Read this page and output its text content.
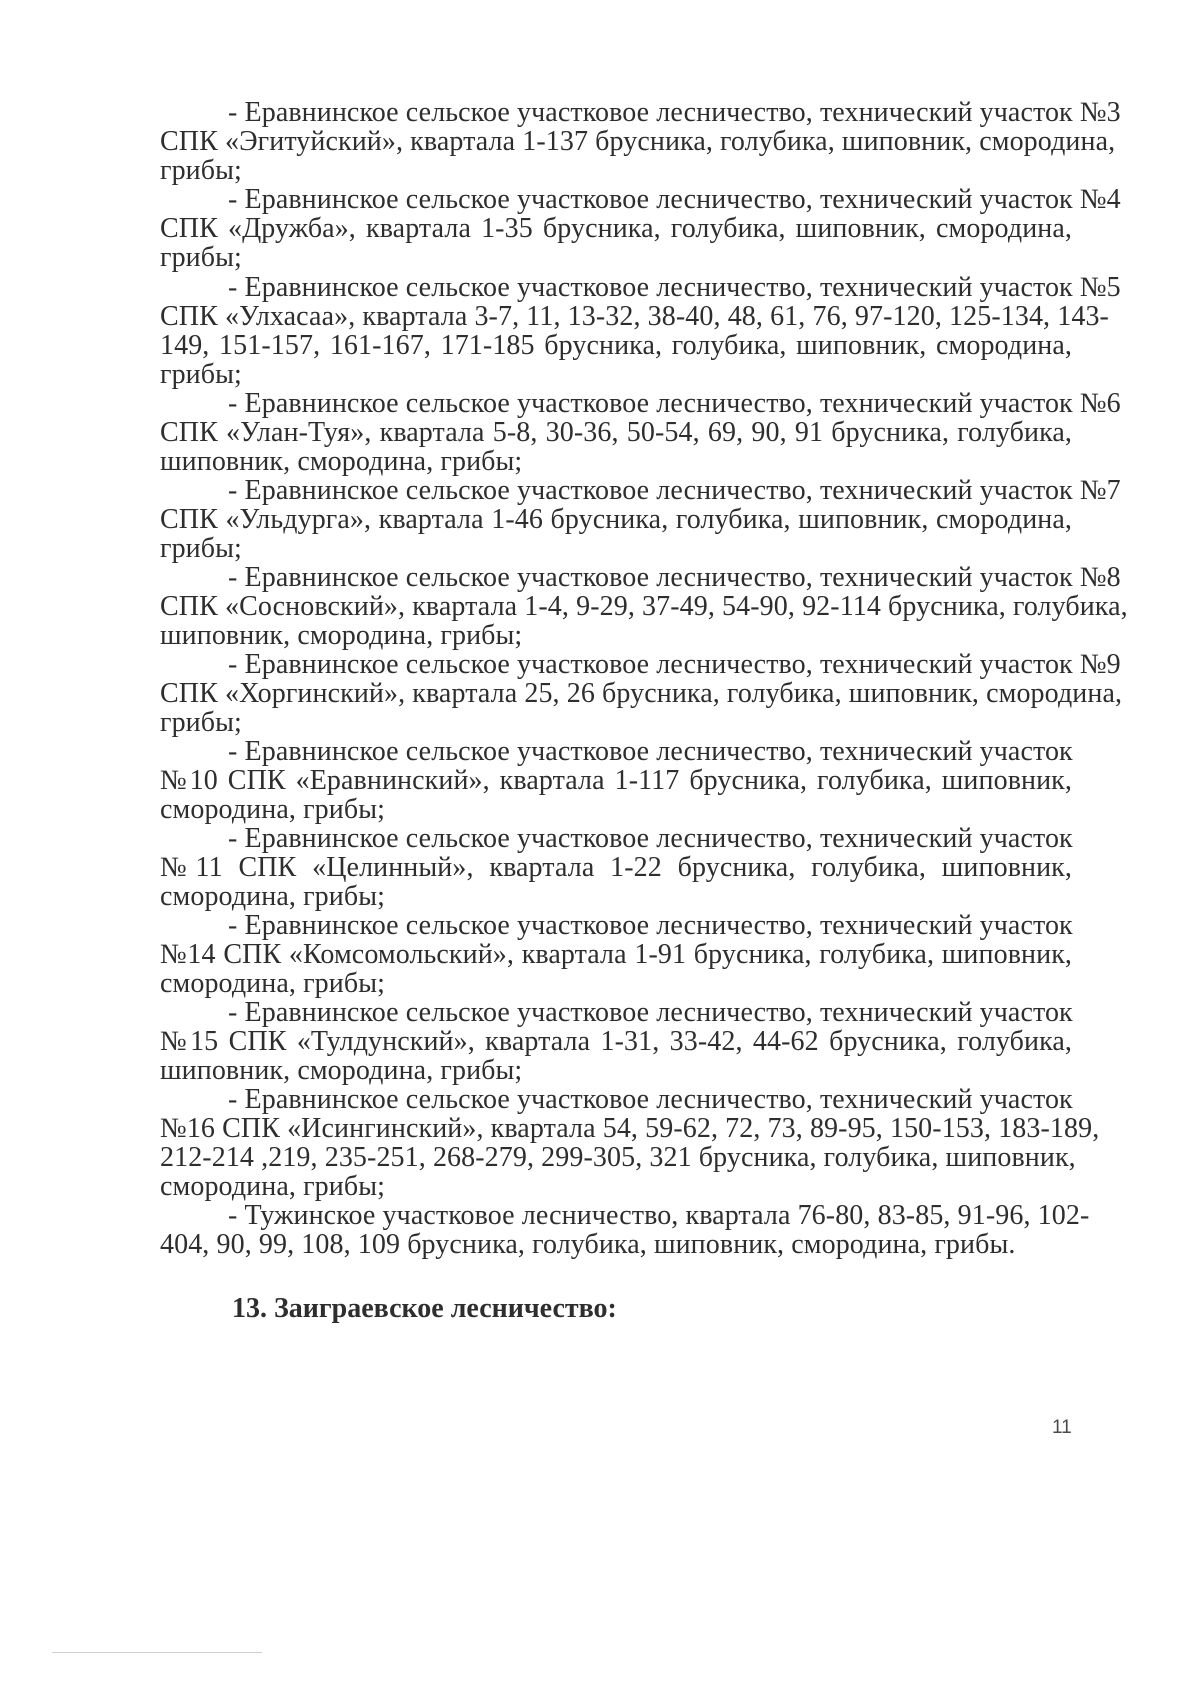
- Еравнинское сельское участковое лесничество, технический участок №3
СПК «Эгитуйский», квартала 1-137 брусника, голубика, шиповник, смородина,
грибы;
- Еравнинское сельское участковое лесничество, технический участок №4
СПК «Дружба», квартала 1-35 брусника, голубика, шиповник, смородина,
грибы;
- Еравнинское сельское участковое лесничество, технический участок №5
СПК «Улхасаа», квартала 3-7, 11, 13-32, 38-40, 48, 61, 76, 97-120, 125-134, 143-
149, 151-157, 161-167, 171-185 брусника, голубика, шиповник, смородина,
грибы;
- Еравнинское сельское участковое лесничество, технический участок №6
СПК «Улан-Туя», квартала 5-8, 30-36, 50-54, 69, 90, 91 брусника, голубика,
шиповник, смородина, грибы;
- Еравнинское сельское участковое лесничество, технический участок №7
СПК «Ульдурга», квартала 1-46 брусника, голубика, шиповник, смородина,
грибы;
- Еравнинское сельское участковое лесничество, технический участок №8
СПК «Сосновский», квартала 1-4, 9-29, 37-49, 54-90, 92-114 брусника, голубика,
шиповник, смородина, грибы;
- Еравнинское сельское участковое лесничество, технический участок №9
СПК «Хоргинский», квартала 25, 26 брусника, голубика, шиповник, смородина,
грибы;
- Еравнинское сельское участковое лесничество, технический участок
№10 СПК «Еравнинский», квартала 1-117 брусника, голубика, шиповник,
смородина, грибы;
- Еравнинское сельское участковое лесничество, технический участок
№11 СПК «Целинный», квартала 1-22 брусника, голубика, шиповник,
смородина, грибы;
- Еравнинское сельское участковое лесничество, технический участок
№14 СПК «Комсомольский», квартала 1-91 брусника, голубика, шиповник,
смородина, грибы;
- Еравнинское сельское участковое лесничество, технический участок
№15 СПК «Тулдунский», квартала 1-31, 33-42, 44-62 брусника, голубика,
шиповник, смородина, грибы;
- Еравнинское сельское участковое лесничество, технический участок
№16 СПК «Исингинский», квартала 54, 59-62, 72, 73, 89-95, 150-153, 183-189,
212-214 ,219, 235-251, 268-279, 299-305, 321 брусника, голубика, шиповник,
смородина, грибы;
- Тужинское участковое лесничество, квартала 76-80, 83-85, 91-96, 102-
404, 90, 99, 108, 109 брусника, голубика, шиповник, смородина, грибы.
13. Заиграевское лесничество:
11
